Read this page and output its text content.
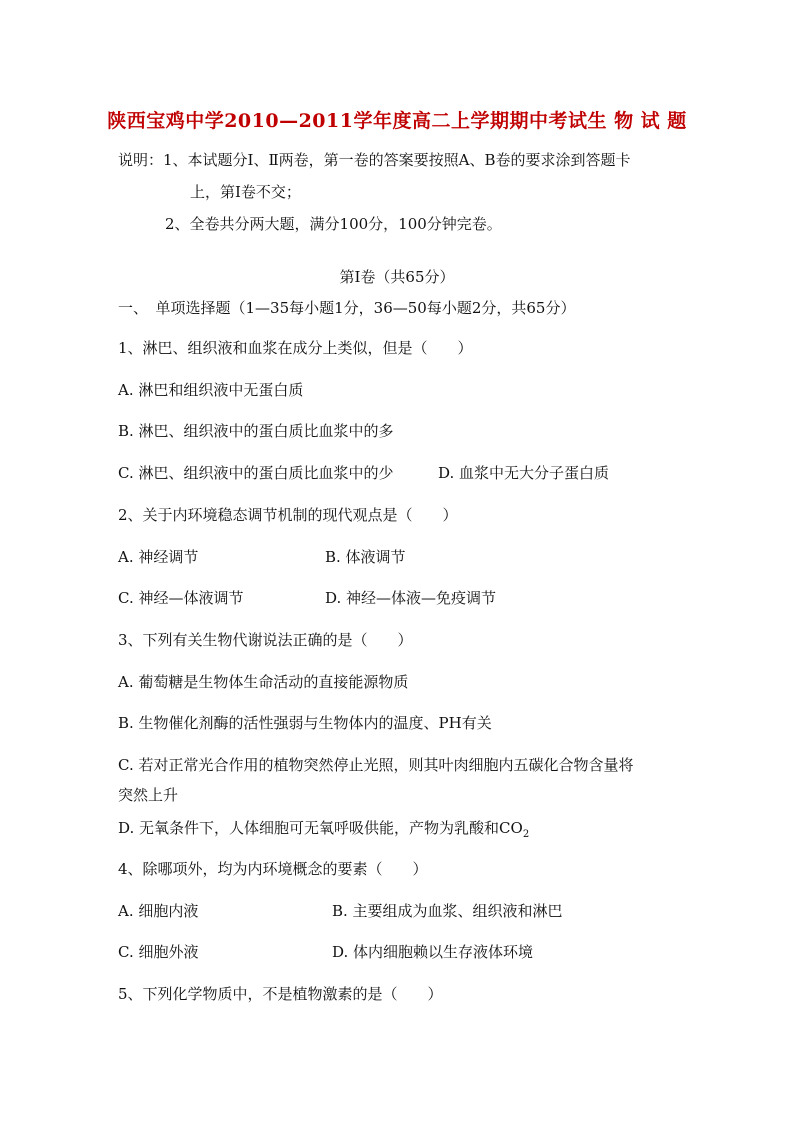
陕西宝鸡中学2010—2011学年度高二上学期期中考试生 物 试 题
说明：1、本试题分Ⅰ、Ⅱ两卷，第一卷的答案要按照A、B卷的要求涂到答题卡
上，第Ⅰ卷不交；
2、全卷共分两大题，满分100分，100分钟完卷。
第Ⅰ卷（共65分）
一、　单项选择题（1—35每小题1分，36—50每小题2分，共65分）
1、淋巴、组织液和血浆在成分上类似，但是（　　）
A. 淋巴和组织液中无蛋白质
B. 淋巴、组织液中的蛋白质比血浆中的多
C. 淋巴、组织液中的蛋白质比血浆中的少	D. 血浆中无大分子蛋白质
2、关于内环境稳态调节机制的现代观点是（　　）
A. 神经调节	B. 体液调节
C. 神经—体液调节	D. 神经—体液—免疫调节
3、下列有关生物代谢说法正确的是（　　）
A. 葡萄糖是生物体生命活动的直接能源物质
B. 生物催化剂酶的活性强弱与生物体内的温度、PH有关
C. 若对正常光合作用的植物突然停止光照，则其叶肉细胞内五碳化合物含量将
突然上升
D. 无氧条件下，人体细胞可无氧呼吸供能，产物为乳酸和$CO_2$
4、除哪项外，均为内环境概念的要素（　　）
A. 细胞内液	B. 主要组成为血浆、组织液和淋巴
C. 细胞外液	D. 体内细胞赖以生存液体环境
5、下列化学物质中，不是植物激素的是（　　）
